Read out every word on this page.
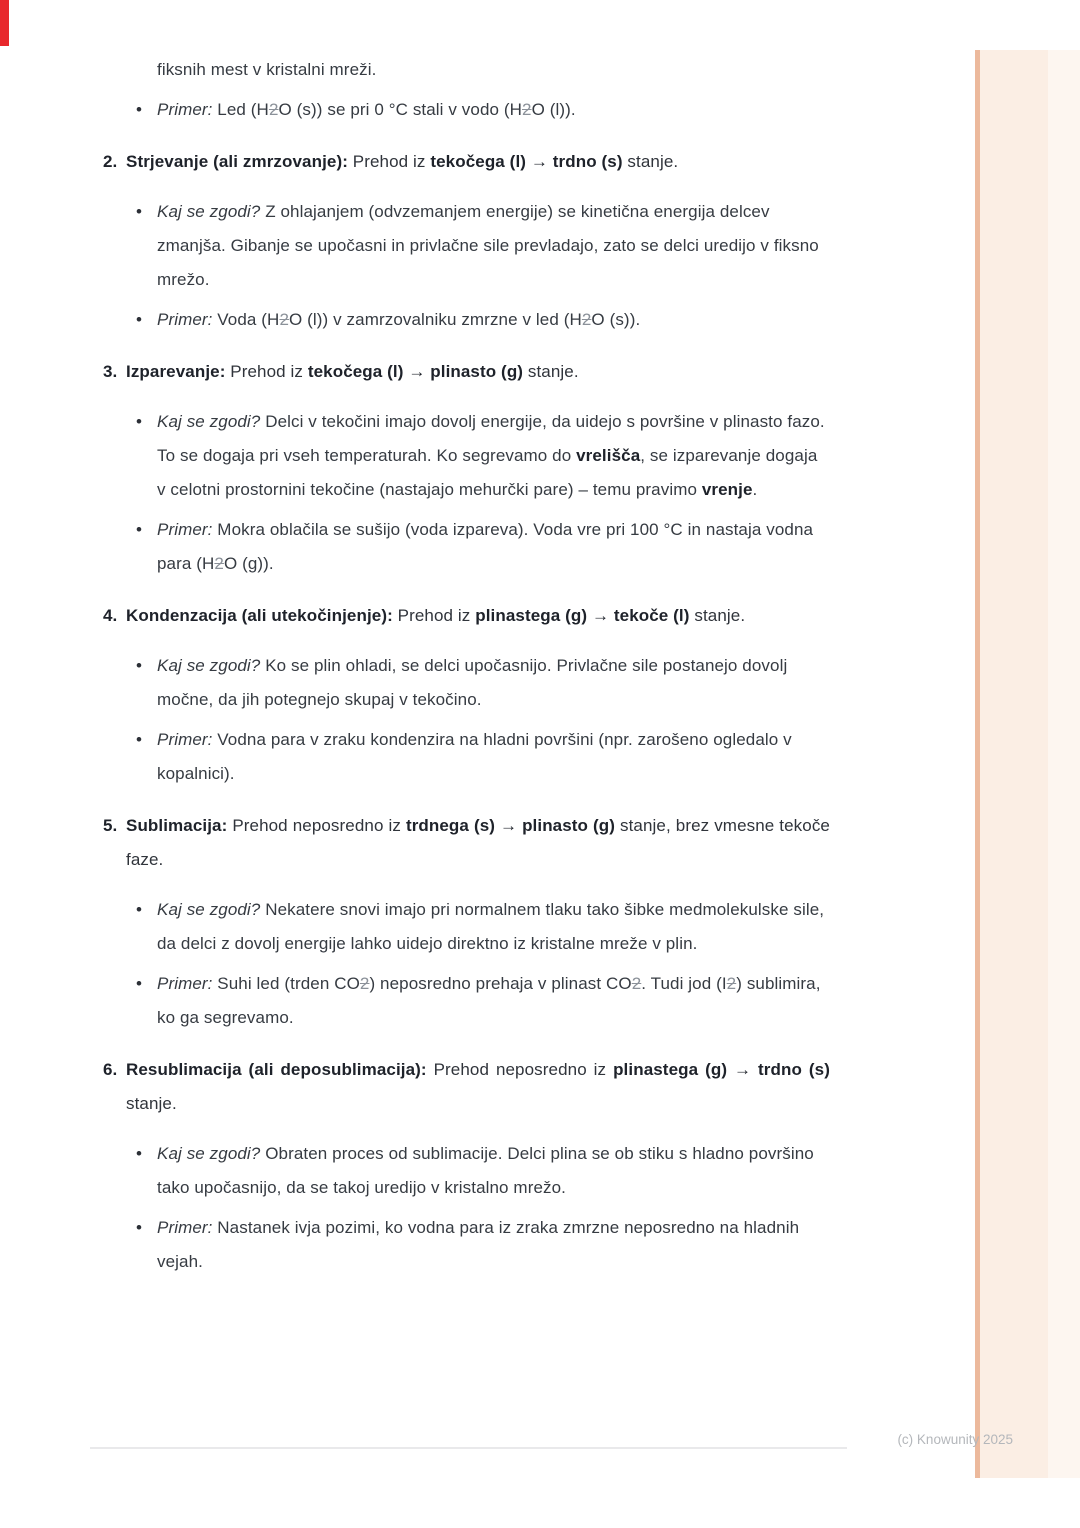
fiksnih mest v kristalni mreži.
• Primer: Led (H2O (s)) se pri 0 °C stali v vodo (H2O (l)).
2. Strjevanje (ali zmrzovanje): Prehod iz tekočega (l) → trdno (s) stanje.
• Kaj se zgodi? Z ohlajanjem (odvzemanjem energije) se kinetična energija delcev zmanjša. Gibanje se upočasni in privlačne sile prevladajo, zato se delci uredijo v fiksno mrežo.
• Primer: Voda (H2O (l)) v zamrzovalniku zmrzne v led (H2O (s)).
3. Izparevanje: Prehod iz tekočega (l) → plinasto (g) stanje.
• Kaj se zgodi? Delci v tekočini imajo dovolj energije, da uidejo s površine v plinasto fazo. To se dogaja pri vseh temperaturah. Ko segrevamo do vrelišča, se izparevanje dogaja v celotni prostornini tekočine (nastajajo mehurčki pare) – temu pravimo vrenje.
• Primer: Mokra oblačila se sušijo (voda izpareva). Voda vre pri 100 °C in nastaja vodna para (H2O (g)).
4. Kondenzacija (ali utekočinjenje): Prehod iz plinastega (g) → tekoče (l) stanje.
• Kaj se zgodi? Ko se plin ohladi, se delci upočasnijo. Privlačne sile postanejo dovolj močne, da jih potegnejo skupaj v tekočino.
• Primer: Vodna para v zraku kondenzira na hladni površini (npr. zarošeno ogledalo v kopalnici).
5. Sublimacija: Prehod neposredno iz trdnega (s) → plinasto (g) stanje, brez vmesne tekoče faze.
• Kaj se zgodi? Nekatere snovi imajo pri normalnem tlaku tako šibke medmolekulske sile, da delci z dovolj energije lahko uidejo direktno iz kristalne mreže v plin.
• Primer: Suhi led (trden CO2) neposredno prehaja v plinast CO2. Tudi jod (I2) sublimira, ko ga segrevamo.
6. Resublimacija (ali deposublimacija): Prehod neposredno iz plinastega (g) → trdno (s) stanje.
• Kaj se zgodi? Obraten proces od sublimacije. Delci plina se ob stiku s hladno površino tako upočasnijo, da se takoj uredijo v kristalno mrežo.
• Primer: Nastanek ivja pozimi, ko vodna para iz zraka zmrzne neposredno na hladnih vejah.
(c) Knowunity 2025
